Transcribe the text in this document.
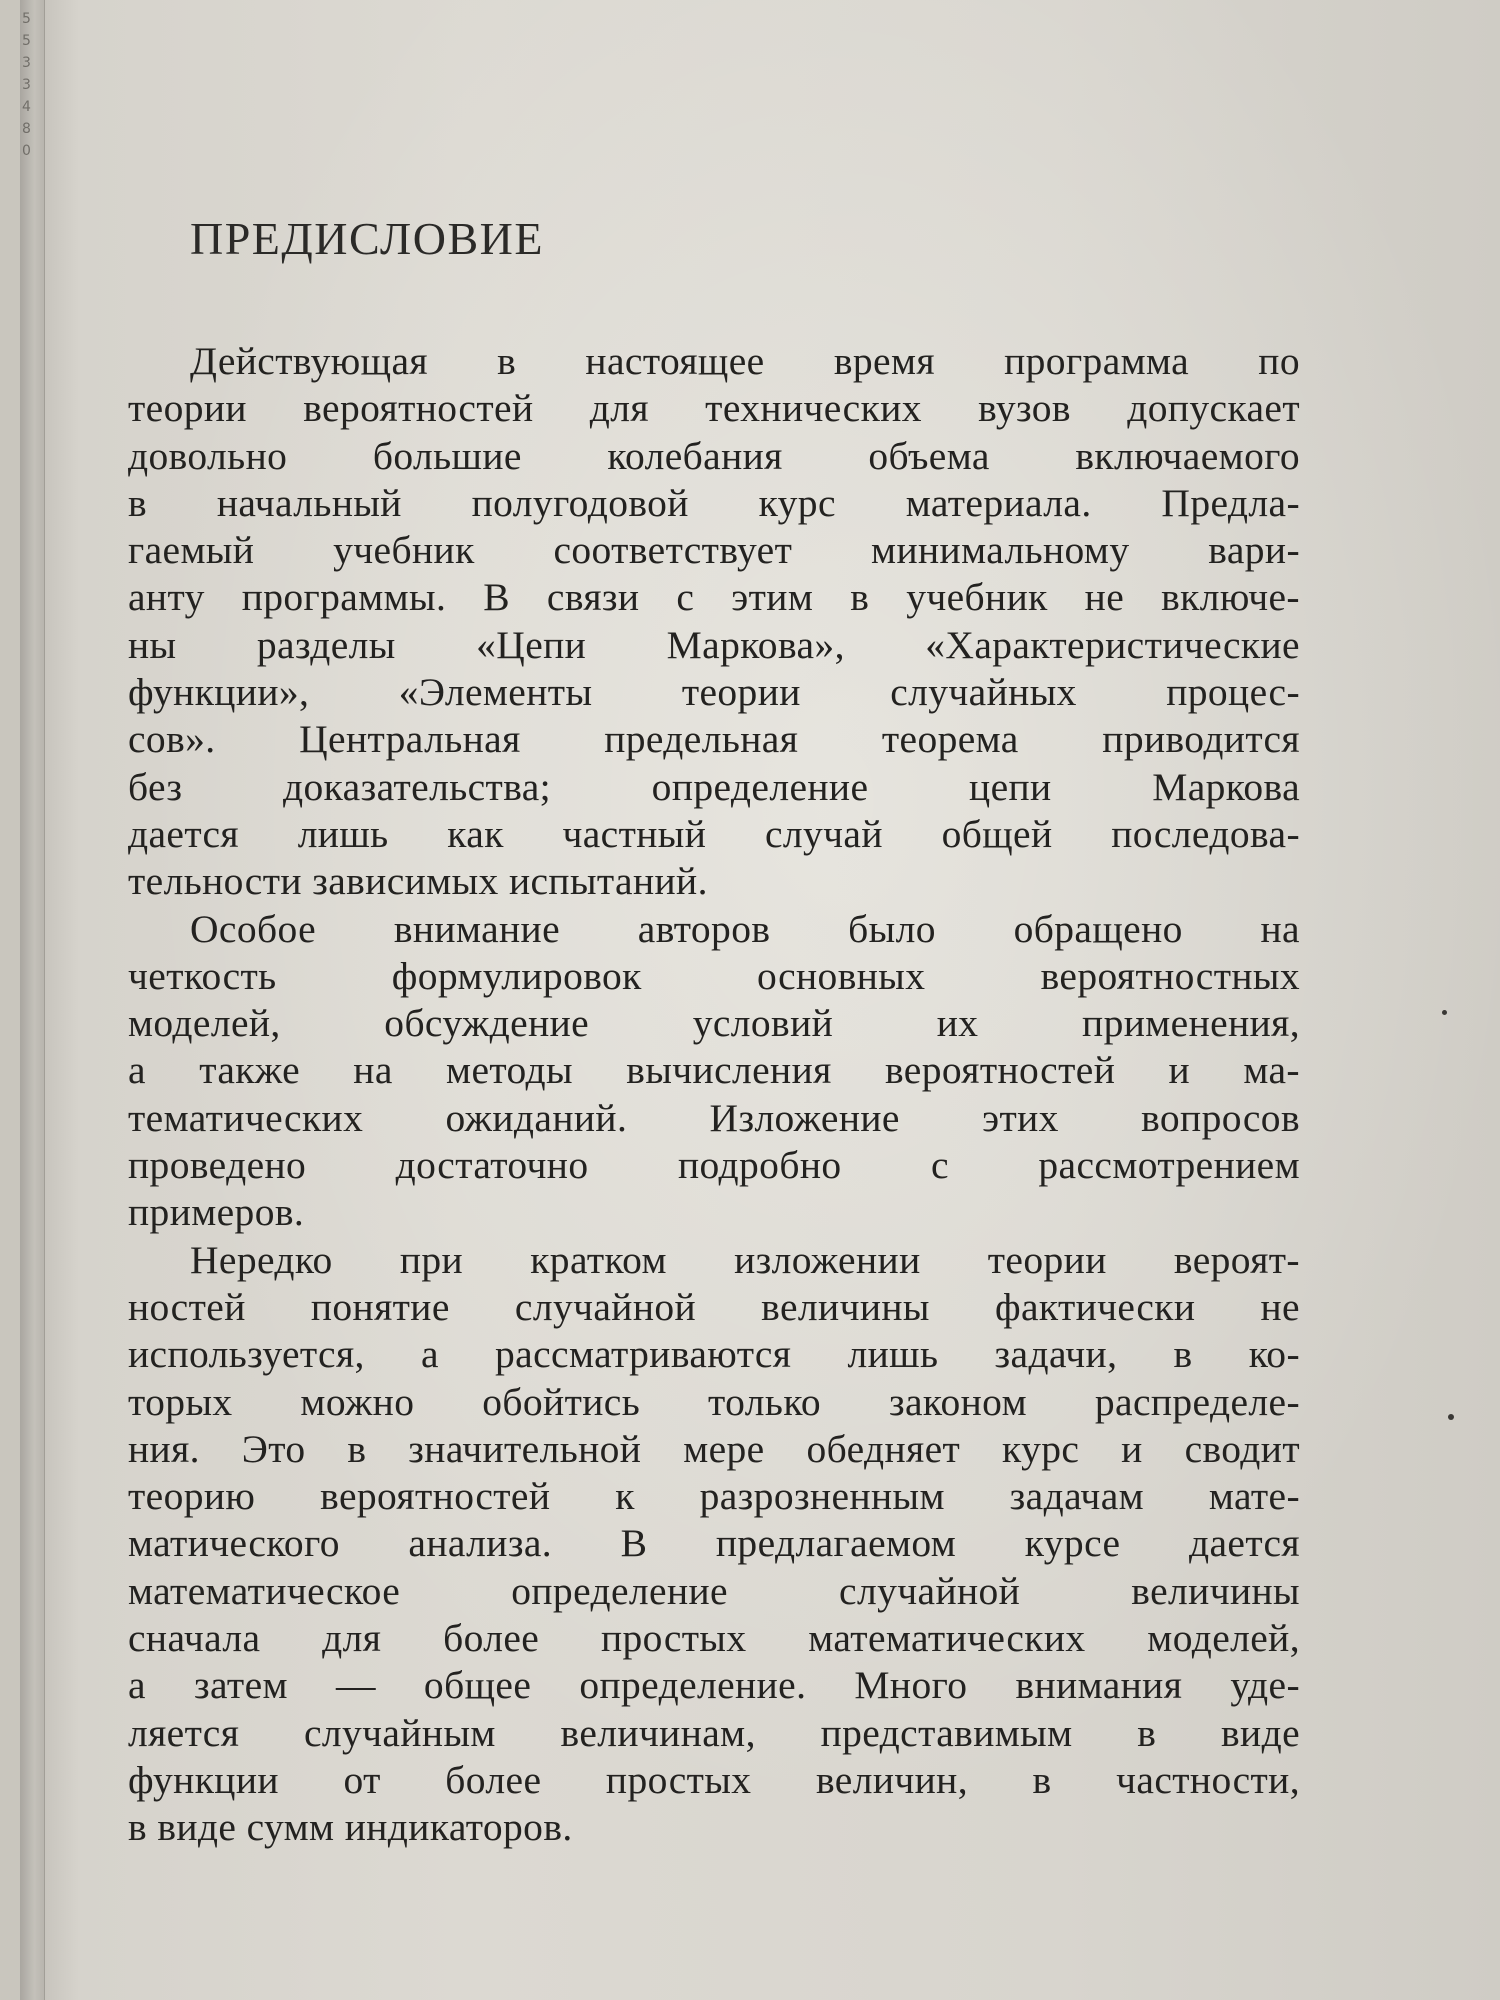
5
5
3
3
4
8
0
ПРЕДИСЛОВИЕ
Действующая в настоящее время программа по
теории вероятностей для технических вузов допускает
довольно большие колебания объема включаемого
в начальный полугодовой курс материала. Предла-
гаемый учебник соответствует минимальному вари-
анту программы. В связи с этим в учебник не включе-
ны разделы «Цепи Маркова», «Характеристические
функции», «Элементы теории случайных процес-
сов». Центральная предельная теорема приводится
без доказательства; определение цепи Маркова
дается лишь как частный случай общей последова-
тельности зависимых испытаний.
Особое внимание авторов было обращено на
четкость формулировок основных вероятностных
моделей, обсуждение условий их применения,
а также на методы вычисления вероятностей и ма-
тематических ожиданий. Изложение этих вопросов
проведено достаточно подробно с рассмотрением
примеров.
Нередко при кратком изложении теории вероят-
ностей понятие случайной величины фактически не
используется, а рассматриваются лишь задачи, в ко-
торых можно обойтись только законом распределе-
ния. Это в значительной мере обедняет курс и сводит
теорию вероятностей к разрозненным задачам мате-
матического анализа. В предлагаемом курсе дается
математическое определение случайной величины
сначала для более простых математических моделей,
а затем — общее определение. Много внимания уде-
ляется случайным величинам, представимым в виде
функции от более простых величин, в частности,
в виде сумм индикаторов.
